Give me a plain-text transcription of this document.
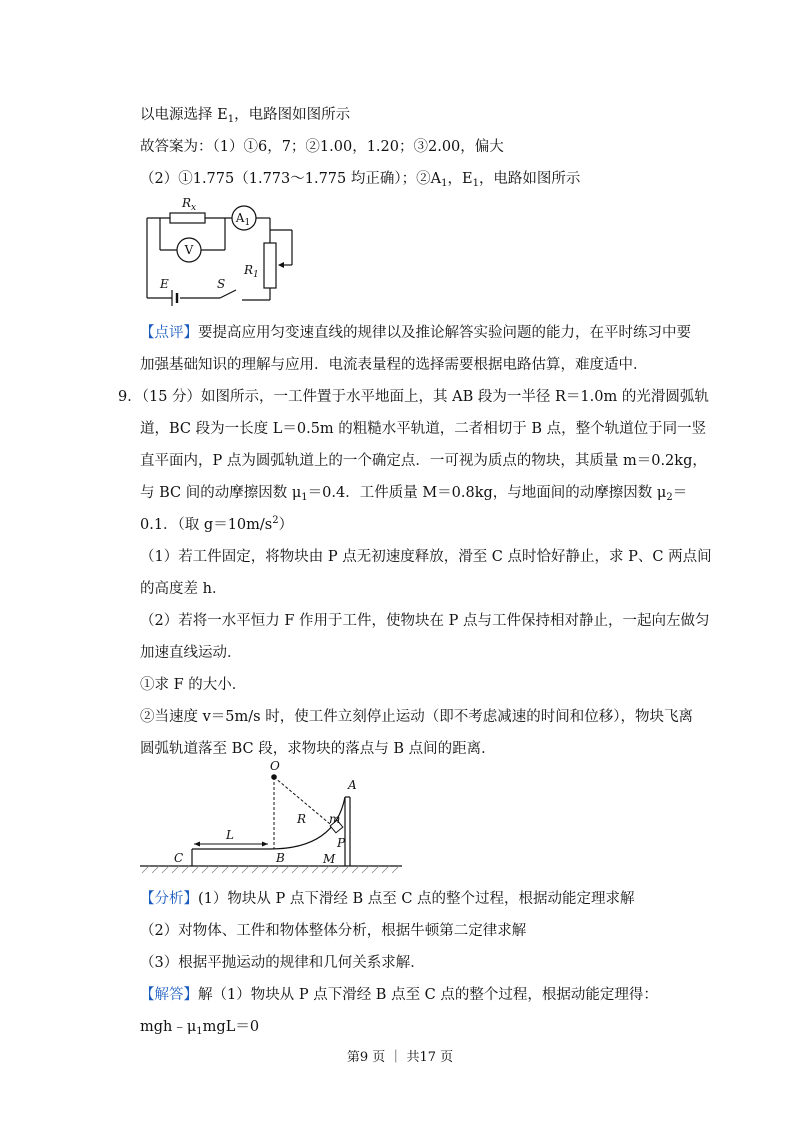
以电源选择 $E_1$，电路图如图所示
故答案为：（1）①6，7；②1.00，1.20；③2.00，偏大
（2）①1.775（1.773～1.775 均正确）；$②A_1$，$E_1$，电路如图所示
$R_x$
$R_1$
E	S
$A_1$
V
【点评】要提高应用匀变速直线的规律以及推论解答实验问题的能力，在平时练习中要
加强基础知识的理解与应用．电流表量程的选择需要根据电路估算，难度适中．
9．（15 分）如图所示，一工件置于水平地面上，其 AB 段为一半径 R＝1.0m 的光滑圆弧轨
道，BC 段为一长度 L＝0.5m 的粗糙水平轨道，二者相切于 B 点，整个轨道位于同一竖
直平面内，P 点为圆弧轨道上的一个确定点．一可视为质点的物块，其质量 m＝0.2kg，
与 BC 间的动摩擦因数 $\mu_1=0.4$．工件质量 M＝0.8kg，与地面间的动摩擦因数 $\mu_2=$
0.1．（取 $g=10m/s^2$）
（1）若工件固定，将物块由 P 点无初速度释放，滑至 C 点时恰好静止，求 P、C 两点间
的高度差 h．
（2）若将一水平恒力 F 作用于工件，使物块在 P 点与工件保持相对静止，一起向左做匀
加速直线运动．
①求 F 的大小．
②当速度 v＝5m/s 时，使工件立刻停止运动（即不考虑减速的时间和位移），物块飞离
圆弧轨道落至 BC 段，求物块的落点与 B 点间的距离．
O
A
R m
P
C
L
B	M
【分析】(1）物块从 P 点下滑经 B 点至 C 点的整个过程，根据动能定理求解
（2）对物体、工件和物体整体分析，根据牛顿第二定律求解
（3）根据平抛运动的规律和几何关系求解．
【解答】解（1）物块从 P 点下滑经 B 点至 C 点的整个过程，根据动能定理得：
$mgh﹣\mu_1mgL=0$
第9 页 ｜ 共17 页
